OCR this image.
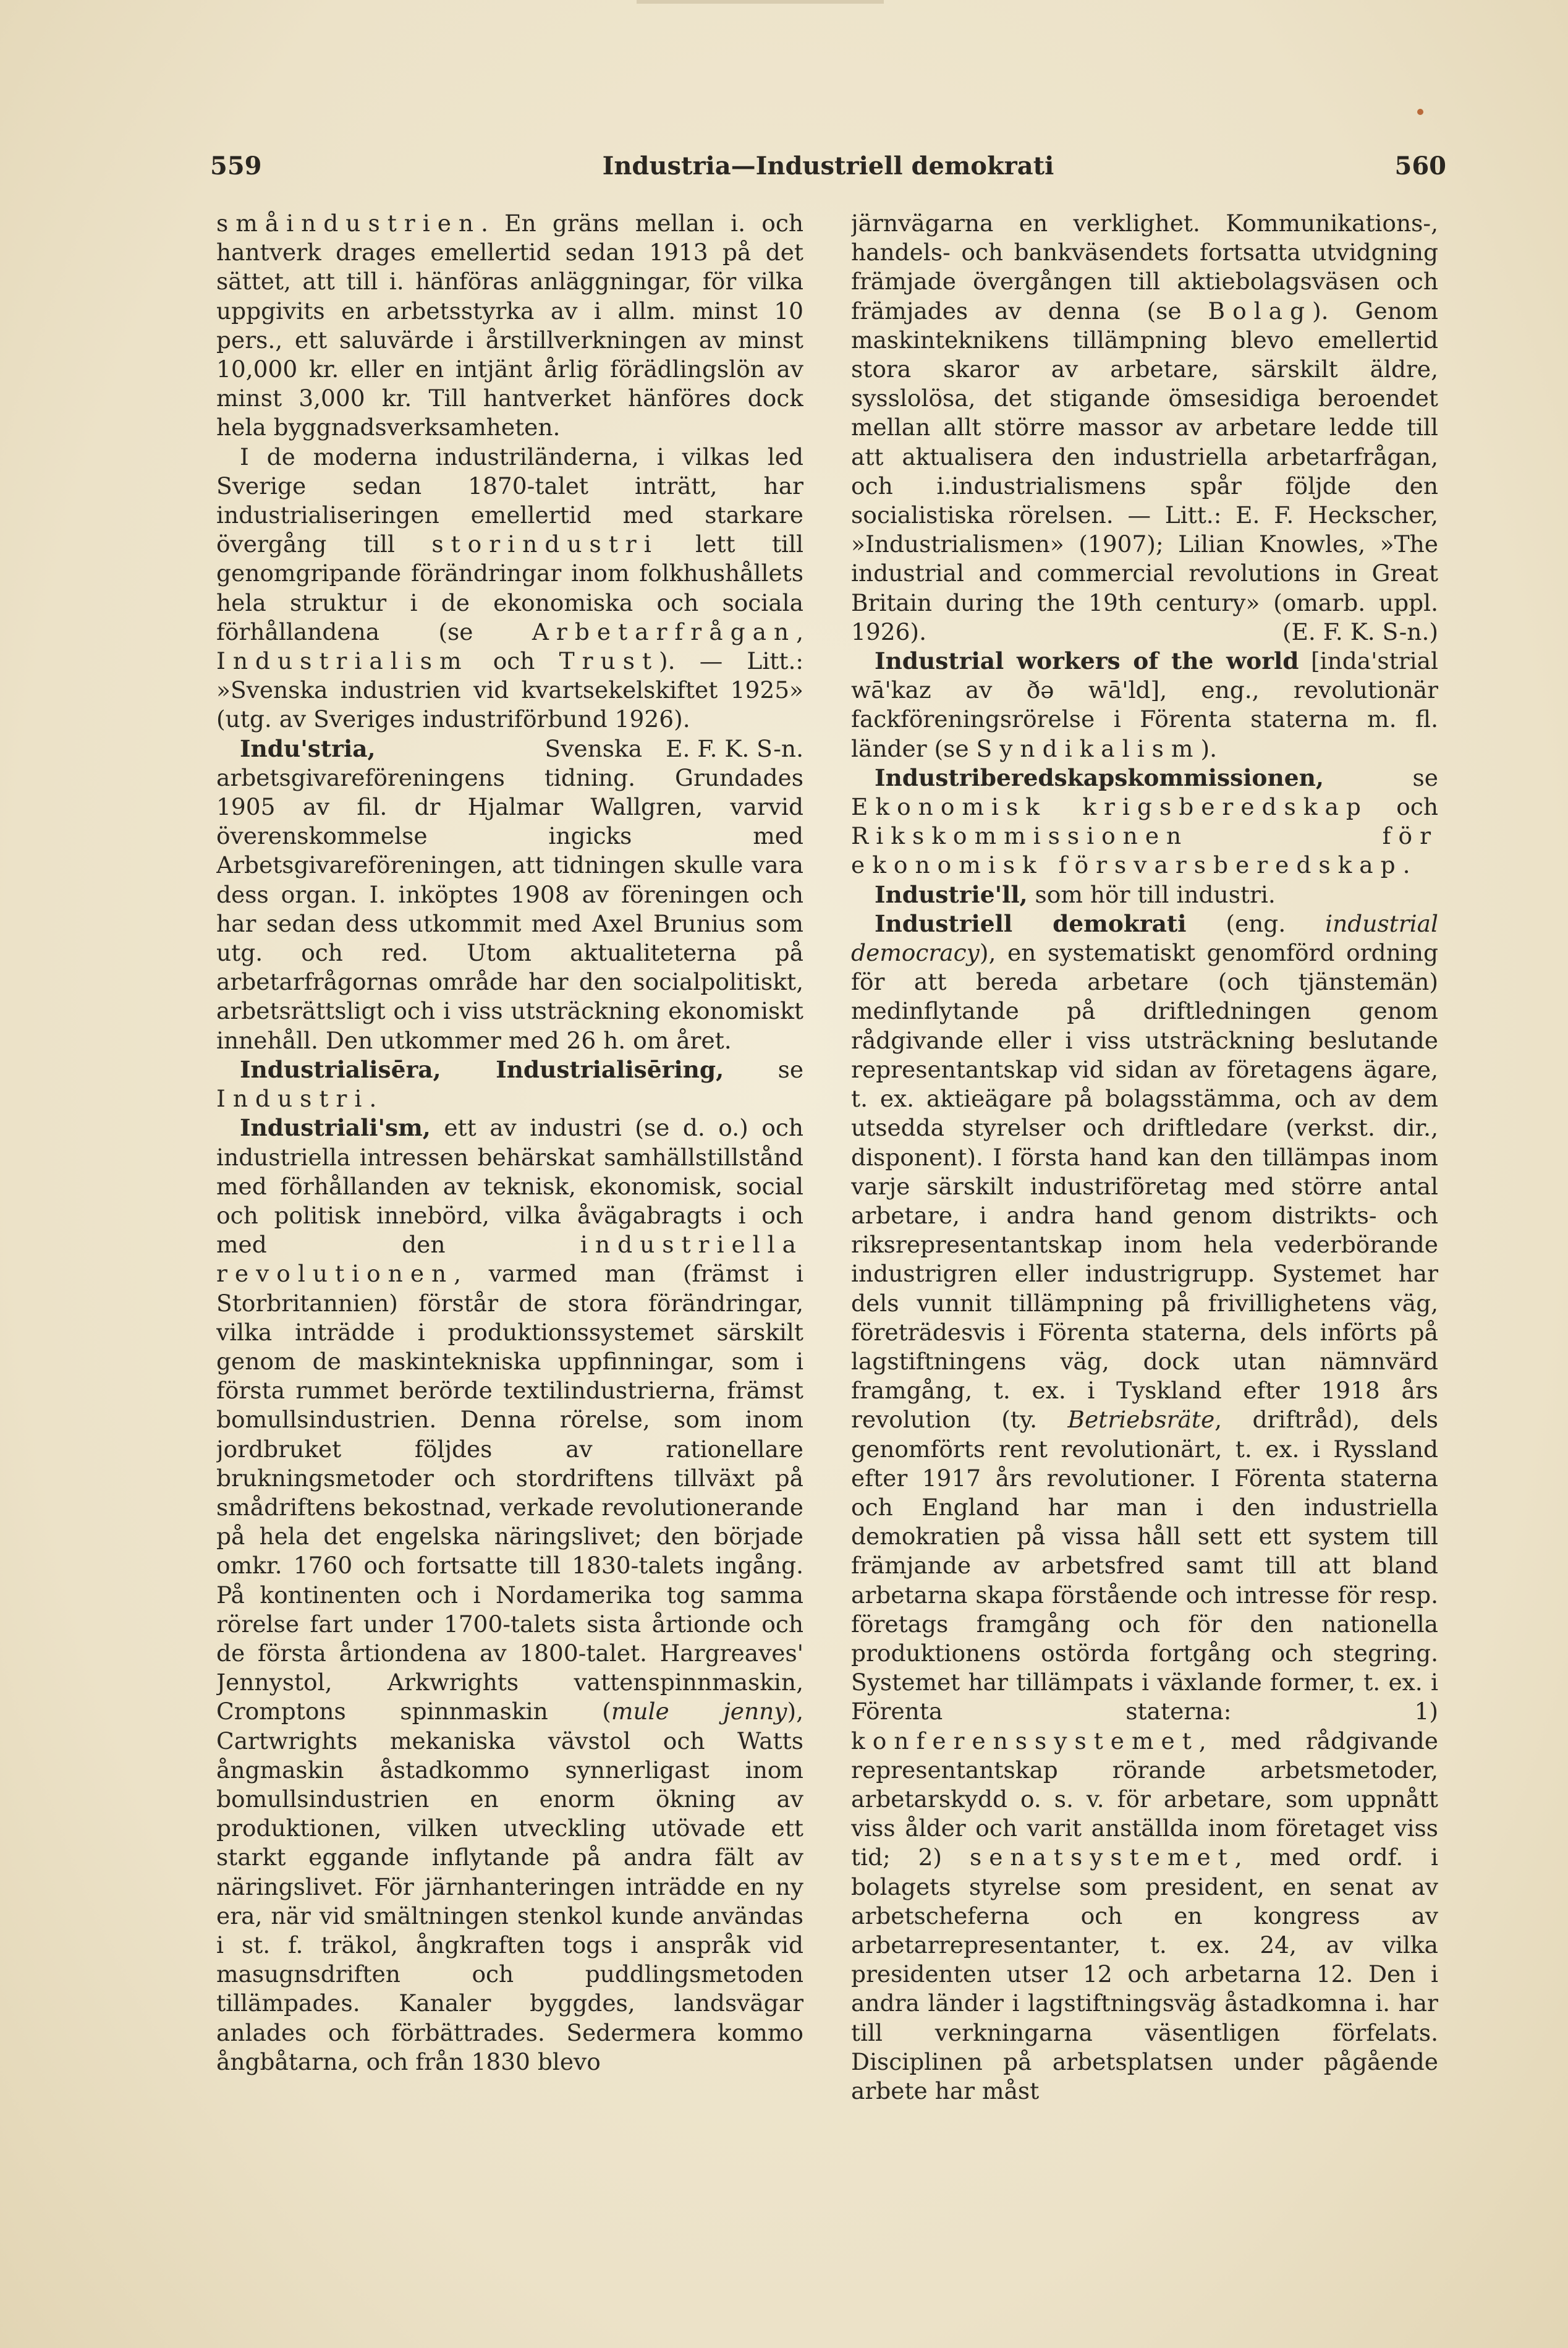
559	Industria—Industriell demokrati	560

småindustrien. En gräns mellan i. och hantverk drages emellertid sedan 1913 på det sättet, att till i. hänföras anläggningar, för vilka uppgivits en arbetsstyrka av i allm. minst 10 pers., ett saluvärde i årstillverkningen av minst 10,000 kr. eller en intjänt årlig förädlingslön av minst 3,000 kr. Till hantverket hänföres dock hela byggnadsverksamheten.

I de moderna industriländerna, i vilkas led Sverige sedan 1870-talet inträtt, har industrialiseringen emellertid med starkare övergång till storindustri lett till genomgripande förändringar inom folkhushållets hela struktur i de ekonomiska och sociala förhållandena (se Arbetarfrågan, Industrialism och Trust). — Litt.: »Svenska industrien vid kvartsekelskiftet 1925» (utg. av Sveriges industriförbund 1926).
E. F. K. S-n.

Indu'stria, Svenska arbetsgivareföreningens tidning. Grundades 1905 av fil. dr Hjalmar Wallgren, varvid överenskommelse ingicks med Arbetsgivareföreningen, att tidningen skulle vara dess organ. I. inköptes 1908 av föreningen och har sedan dess utkommit med Axel Brunius som utg. och red. Utom aktualiteterna på arbetarfrågornas område har den socialpolitiskt, arbetsrättsligt och i viss utsträckning ekonomiskt innehåll. Den utkommer med 26 h. om året.

Industrialisēra, Industrialisēring, se Industri.

Industriali'sm, ett av industri (se d. o.) och industriella intressen behärskat samhällstillstånd med förhållanden av teknisk, ekonomisk, social och politisk innebörd, vilka åvägabragts i och med den industriella revolutionen, varmed man (främst i Storbritannien) förstår de stora förändringar, vilka inträdde i produktionssystemet särskilt genom de maskintekniska uppfinningar, som i första rummet berörde textilindustrierna, främst bomullsindustrien. Denna rörelse, som inom jordbruket följdes av rationellare brukningsmetoder och stordriftens tillväxt på smådriftens bekostnad, verkade revolutionerande på hela det engelska näringslivet; den började omkr. 1760 och fortsatte till 1830-talets ingång. På kontinenten och i Nordamerika tog samma rörelse fart under 1700-talets sista årtionde och de första årtiondena av 1800-talet. Hargreaves' Jennystol, Arkwrights vattenspinnmaskin, Cromptons spinnmaskin (mule jenny), Cartwrights mekaniska vävstol och Watts ångmaskin åstadkommo synnerligast inom bomullsindustrien en enorm ökning av produktionen, vilken utveckling utövade ett starkt eggande inflytande på andra fält av näringslivet. För järnhanteringen inträdde en ny era, när vid smältningen stenkol kunde användas i st. f. träkol, ångkraften togs i anspråk vid masugnsdriften och puddlingsmetoden tillämpades. Kanaler byggdes, landsvägar anlades och förbättrades. Sedermera kommo ångbåtarna, och från 1830 blevo

järnvägarna en verklighet. Kommunikations-, handels- och bankväsendets fortsatta utvidgning främjade övergången till aktiebolagsväsen och främjades av denna (se Bolag). Genom maskinteknikens tillämpning blevo emellertid stora skaror av arbetare, särskilt äldre, sysslolösa, det stigande ömsesidiga beroendet mellan allt större massor av arbetare ledde till att aktualisera den industriella arbetarfrågan, och i.industrialismens spår följde den socialistiska rörelsen. — Litt.: E. F. Heckscher, »Industrialismen» (1907); Lilian Knowles, »The industrial and commercial revolutions in Great Britain during the 19th century» (omarb. uppl. 1926).	(E. F. K. S-n.)

Industrial workers of the world [inda'strial wā'kaz av ðə wā'ld], eng., revolutionär fackföreningsrörelse i Förenta staterna m. fl. länder (se Syndikalism).

Industriberedskapskommissionen, se Ekonomisk krigsberedskap och Rikskommissionen för ekonomisk försvarsberedskap.

Industrie'll, som hör till industri.

Industriell demokrati (eng. industrial democracy), en systematiskt genomförd ordning för att bereda arbetare (och tjänstemän) medinflytande på driftledningen genom rådgivande eller i viss utsträckning beslutande representantskap vid sidan av företagens ägare, t. ex. aktieägare på bolagsstämma, och av dem utsedda styrelser och driftledare (verkst. dir., disponent). I första hand kan den tillämpas inom varje särskilt industriföretag med större antal arbetare, i andra hand genom distrikts- och riksrepresentantskap inom hela vederbörande industrigren eller industrigrupp. Systemet har dels vunnit tillämpning på frivillighetens väg, företrädesvis i Förenta staterna, dels införts på lagstiftningens väg, dock utan nämnvärd framgång, t. ex. i Tyskland efter 1918 års revolution (ty. Betriebsräte, driftråd), dels genomförts rent revolutionärt, t. ex. i Ryssland efter 1917 års revolutioner. I Förenta staterna och England har man i den industriella demokratien på vissa håll sett ett system till främjande av arbetsfred samt till att bland arbetarna skapa förstående och intresse för resp. företags framgång och för den nationella produktionens ostörda fortgång och stegring. Systemet har tillämpats i växlande former, t. ex. i Förenta staterna: 1) konferenssystemet, med rådgivande representantskap rörande arbetsmetoder, arbetarskydd o. s. v. för arbetare, som uppnått viss ålder och varit anställda inom företaget viss tid; 2) senatsystemet, med ordf. i bolagets styrelse som president, en senat av arbetscheferna och en kongress av arbetarrepresentanter, t. ex. 24, av vilka presidenten utser 12 och arbetarna 12. Den i andra länder i lagstiftningsväg åstadkomna i. har till verkningarna väsentligen förfelats. Disciplinen på arbetsplatsen under pågående arbete har måst
